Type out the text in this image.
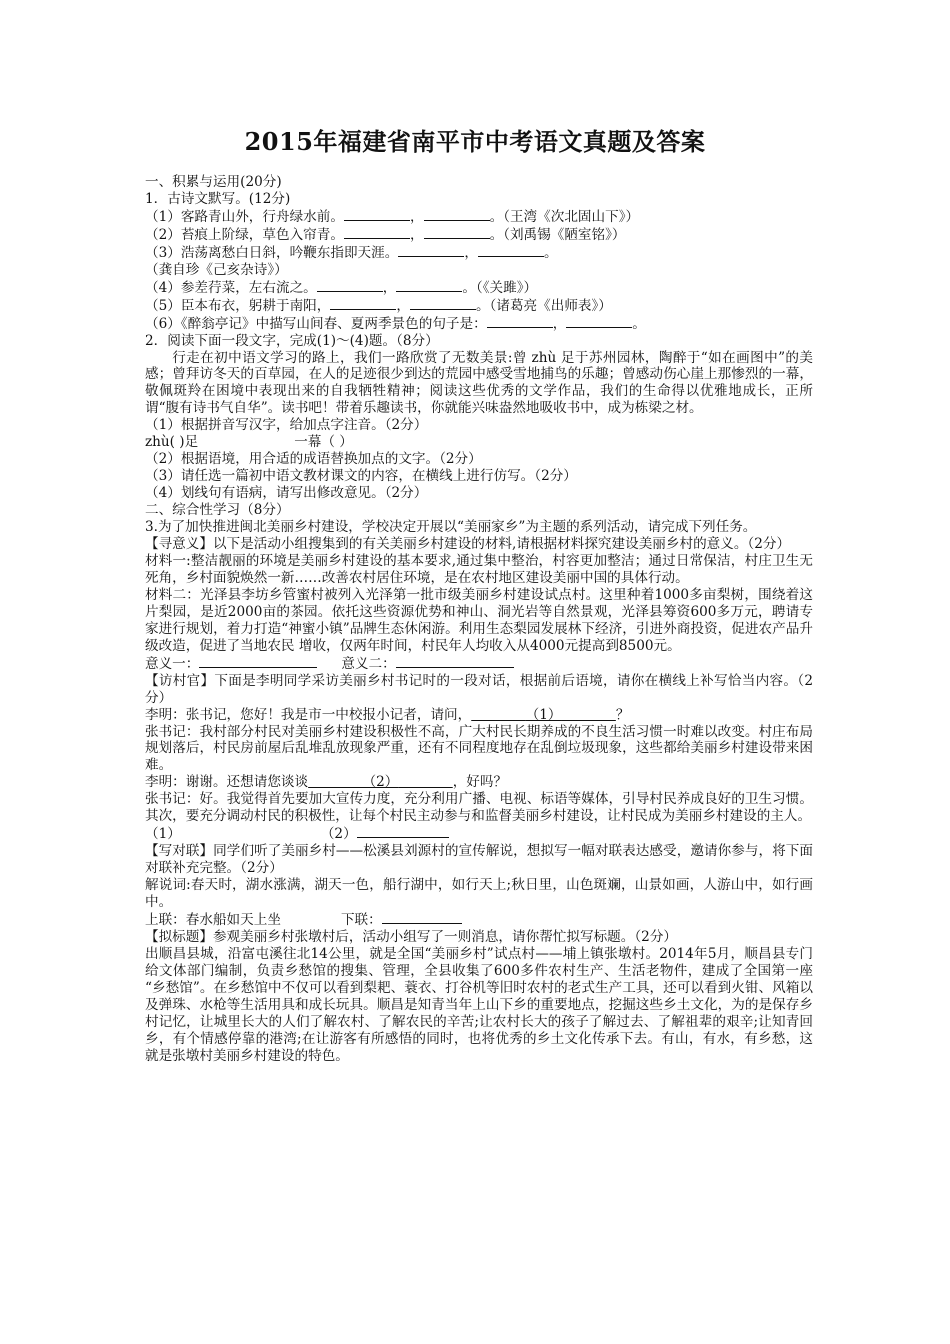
2015年福建省南平市中考语文真题及答案

一、积累与运用(20分)

1．古诗文默写。(12分)

（1）客路青山外，行舟绿水前。	，	。（王湾《次北固山下》）

（2）苔痕上阶绿，草色入帘青。	，	。（刘禹锡《陋室铭》）

（3）浩荡离愁白日斜，吟鞭东指即天涯。	，	。

（龚自珍《己亥杂诗》）

（4）参差荇菜，左右流之。	，	。（《关雎》）

（5）臣本布衣，躬耕于南阳，	，	。（诸葛亮《出师表》）

（6）《醉翁亭记》中描写山间春、夏两季景色的句子是：	，	。

2．阅读下面一段文字，完成(1)～(4)题。（8分）

行走在初中语文学习的路上，我们一路欣赏了无数美景:曾 zhù 足于苏州园林，陶醉于“如在画图中”的美感；曾拜访冬天的百草园，在人的足迹很少到达的荒园中感受雪地捕鸟的乐趣；曾感动伤心崖上那惨烈的一幕，敬佩斑羚在困境中表现出来的自我牺牲精神；阅读这些优秀的文学作品，我们的生命得以优雅地成长，正所谓“腹有诗书气自华”。读书吧！带着乐趣读书，你就能兴味盎然地吸收书中，成为栋梁之材。

（1）根据拼音写汉字，给加点字注音。（2分）

zhù( )足	一幕（ ）

（2）根据语境，用合适的成语替换加点的文字。（2分）

（3）请任选一篇初中语文教材课文的内容，在横线上进行仿写。（2分）

（4）划线句有语病，请写出修改意见。（2分）

二、综合性学习（8分）

3.为了加快推进闽北美丽乡村建设，学校决定开展以“美丽家乡”为主题的系列活动，请完成下列任务。

【寻意义】以下是活动小组搜集到的有关美丽乡村建设的材料,请根据材料探究建设美丽乡村的意义。（2分）

材料一:整洁靓丽的环境是美丽乡村建设的基本要求,通过集中整治，村容更加整洁；通过日常保洁，村庄卫生无死角，乡村面貌焕然一新……改善农村居住环境，是在农村地区建设美丽中国的具体行动。

材料二：光泽县李坊乡管蜜村被列入光泽第一批市级美丽乡村建设试点村。这里种着1000多亩梨树，围绕着这片梨园，是近2000亩的茶园。依托这些资源优势和神山、洞光岩等自然景观，光泽县筹资600多万元，聘请专家进行规划，着力打造“神蜜小镇”品牌生态休闲游。利用生态梨园发展林下经济，引进外商投资，促进农产品升级改造，促进了当地农民 增收，仅两年时间，村民年人均收入从4000元提高到8500元。

意义一：	意义二：

【访村官】下面是李明同学采访美丽乡村书记时的一段对话，根据前后语境，请你在横线上补写恰当内容。（2分）

李明：张书记，您好！我是市一中校报小记者，请问，    	（1）    	？

张书记：我村部分村民对美丽乡村建设积极性不高，广大村民长期养成的不良生活习惯一时难以改变。村庄布局规划落后，村民房前屋后乱堆乱放现象严重，还有不同程度地存在乱倒垃圾现象，这些都给美丽乡村建设带来困难。

李明：谢谢。还想请您谈谈    	（2）    	，好吗？

张书记：好。我觉得首先要加大宣传力度，充分利用广播、电视、标语等媒体，引导村民养成良好的卫生习惯。其次，要充分调动村民的积极性，让每个村民主动参与和监督美丽乡村建设，让村民成为美丽乡村建设的主人。

（1）	（2）

【写对联】同学们听了美丽乡村——松溪县刘源村的宣传解说，想拟写一幅对联表达感受，邀请你参与，将下面对联补充完整。（2分）

解说词:春天时，湖水涨满，湖天一色，船行湖中，如行天上;秋日里，山色斑斓，山景如画，人游山中，如行画中。

上联：春水船如天上坐	下联：

【拟标题】参观美丽乡村张墩村后，活动小组写了一则消息，请你帮忙拟写标题。（2分）

出顺昌县城，沿富屯溪往北14公里，就是全国“美丽乡村”试点村——埔上镇张墩村。2014年5月，顺昌县专门给文体部门编制，负责乡愁馆的搜集、管理，全县收集了600多件农村生产、生活老物件，建成了全国第一座 “乡愁馆”。在乡愁馆中不仅可以看到梨耙、蓑衣、打谷机等旧时农村的老式生产工具，还可以看到火钳、风箱以及弹珠、水枪等生活用具和成长玩具。顺昌是知青当年上山下乡的重要地点，挖掘这些乡土文化，为的是保存乡村记忆，让城里长大的人们了解农村、了解农民的辛苦;让农村长大的孩子了解过去、了解祖辈的艰辛;让知青回乡，有个情感停靠的港湾;在让游客有所感悟的同时，也将优秀的乡土文化传承下去。有山，有水，有乡愁，这就是张墩村美丽乡村建设的特色。
